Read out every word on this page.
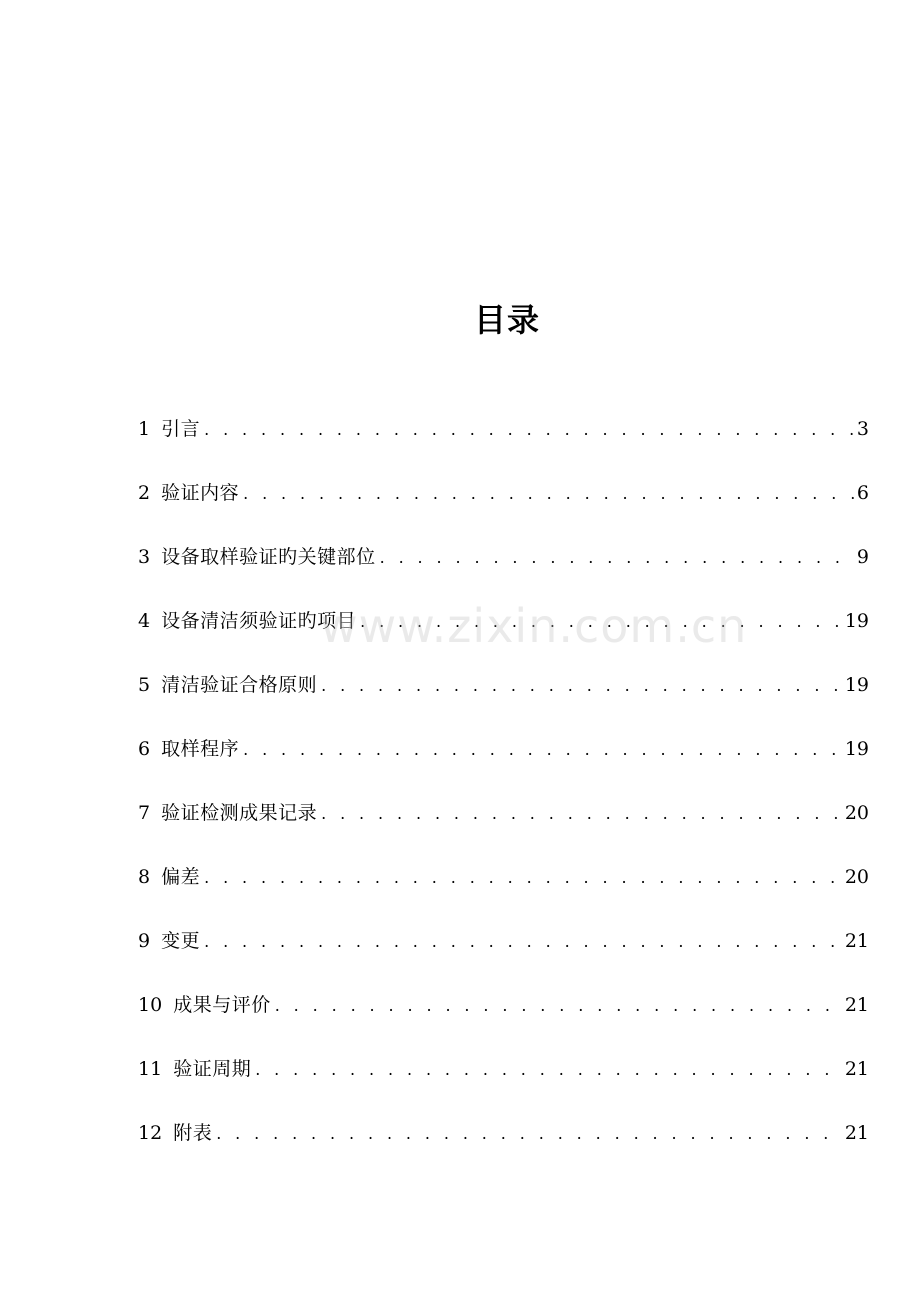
目录
1 引言 . . .	3
2 验证内容 . . .	6
3 设备取样验证旳关键部位 . . .	9
4 设备清洁须验证旳项目 . . .	19
5 清洁验证合格原则 . . .	19
6 取样程序 . . .	19
7 验证检测成果记录 . . .	20
8 偏差 . . .	20
9 变更 . . .	21
10 成果与评价 . . .	21
11 验证周期 . . .	21
12 附表 . . .	21
www.zixin.com.cn
